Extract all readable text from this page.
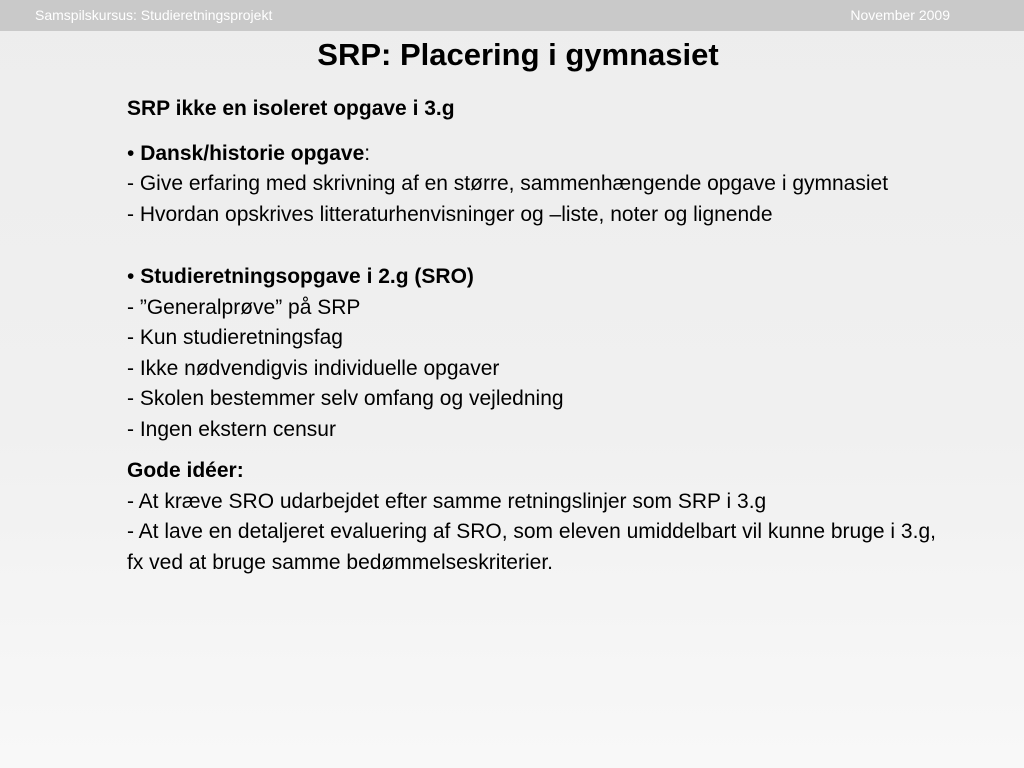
Samspilskursus: Studieretningsprojekt	November 2009
SRP: Placering i gymnasiet

SRP ikke en isoleret opgave i 3.g

• Dansk/historie opgave:

- Give erfaring med skrivning af en større, sammenhængende opgave i gymnasiet

- Hvordan opskrives litteraturhenvisninger og –liste, noter og lignende

• Studieretningsopgave i 2.g (SRO)

- ”Generalprøve” på SRP

- Kun studieretningsfag

- Ikke nødvendigvis individuelle opgaver

- Skolen bestemmer selv omfang og vejledning

- Ingen ekstern censur

Gode idéer:

- At kræve SRO udarbejdet efter samme retningslinjer som SRP i 3.g

- At lave en detaljeret evaluering af SRO, som eleven umiddelbart vil kunne bruge i 3.g, fx ved at bruge samme bedømmelseskriterier.
